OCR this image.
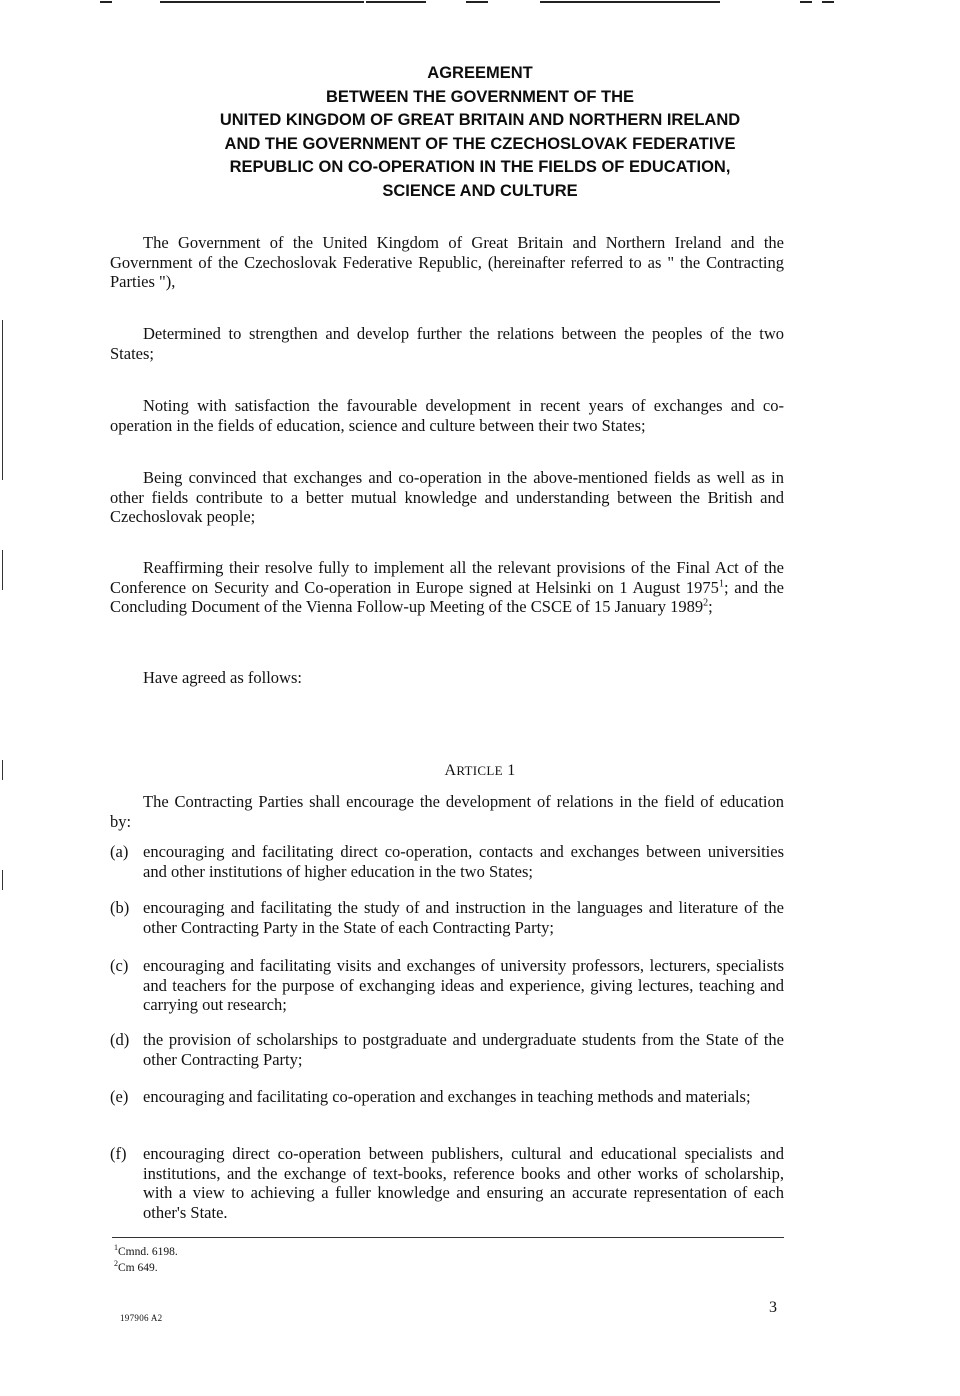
AGREEMENT
BETWEEN THE GOVERNMENT OF THE
UNITED KINGDOM OF GREAT BRITAIN AND NORTHERN IRELAND
AND THE GOVERNMENT OF THE CZECHOSLOVAK FEDERATIVE
REPUBLIC ON CO-OPERATION IN THE FIELDS OF EDUCATION,
SCIENCE AND CULTURE
The Government of the United Kingdom of Great Britain and Northern Ireland and the Government of the Czechoslovak Federative Republic, (hereinafter referred to as " the Contracting Parties "),
Determined to strengthen and develop further the relations between the peoples of the two States;
Noting with satisfaction the favourable development in recent years of exchanges and co-operation in the fields of education, science and culture between their two States;
Being convinced that exchanges and co-operation in the above-mentioned fields as well as in other fields contribute to a better mutual knowledge and understanding between the British and Czechoslovak people;
Reaffirming their resolve fully to implement all the relevant provisions of the Final Act of the Conference on Security and Co-operation in Europe signed at Helsinki on 1 August 1975$^1$; and the Concluding Document of the Vienna Follow-up Meeting of the CSCE of 15 January 1989$^2$;
Have agreed as follows:
ARTICLE 1
The Contracting Parties shall encourage the development of relations in the field of education by:
(a) encouraging and facilitating direct co-operation, contacts and exchanges between universities and other institutions of higher education in the two States;
(b) encouraging and facilitating the study of and instruction in the languages and literature of the other Contracting Party in the State of each Contracting Party;
(c) encouraging and facilitating visits and exchanges of university professors, lecturers, specialists and teachers for the purpose of exchanging ideas and experience, giving lectures, teaching and carrying out research;
(d) the provision of scholarships to postgraduate and undergraduate students from the State of the other Contracting Party;
(e) encouraging and facilitating co-operation and exchanges in teaching methods and materials;
(f)	encouraging direct co-operation between publishers, cultural and educational specialists and institutions, and the exchange of text-books, reference books and other works of scholarship, with a view to achieving a fuller knowledge and ensuring an accurate representation of each other's State.
$^1$Cmnd. 6198.
$^2$Cm 649.
197906 A2
3
